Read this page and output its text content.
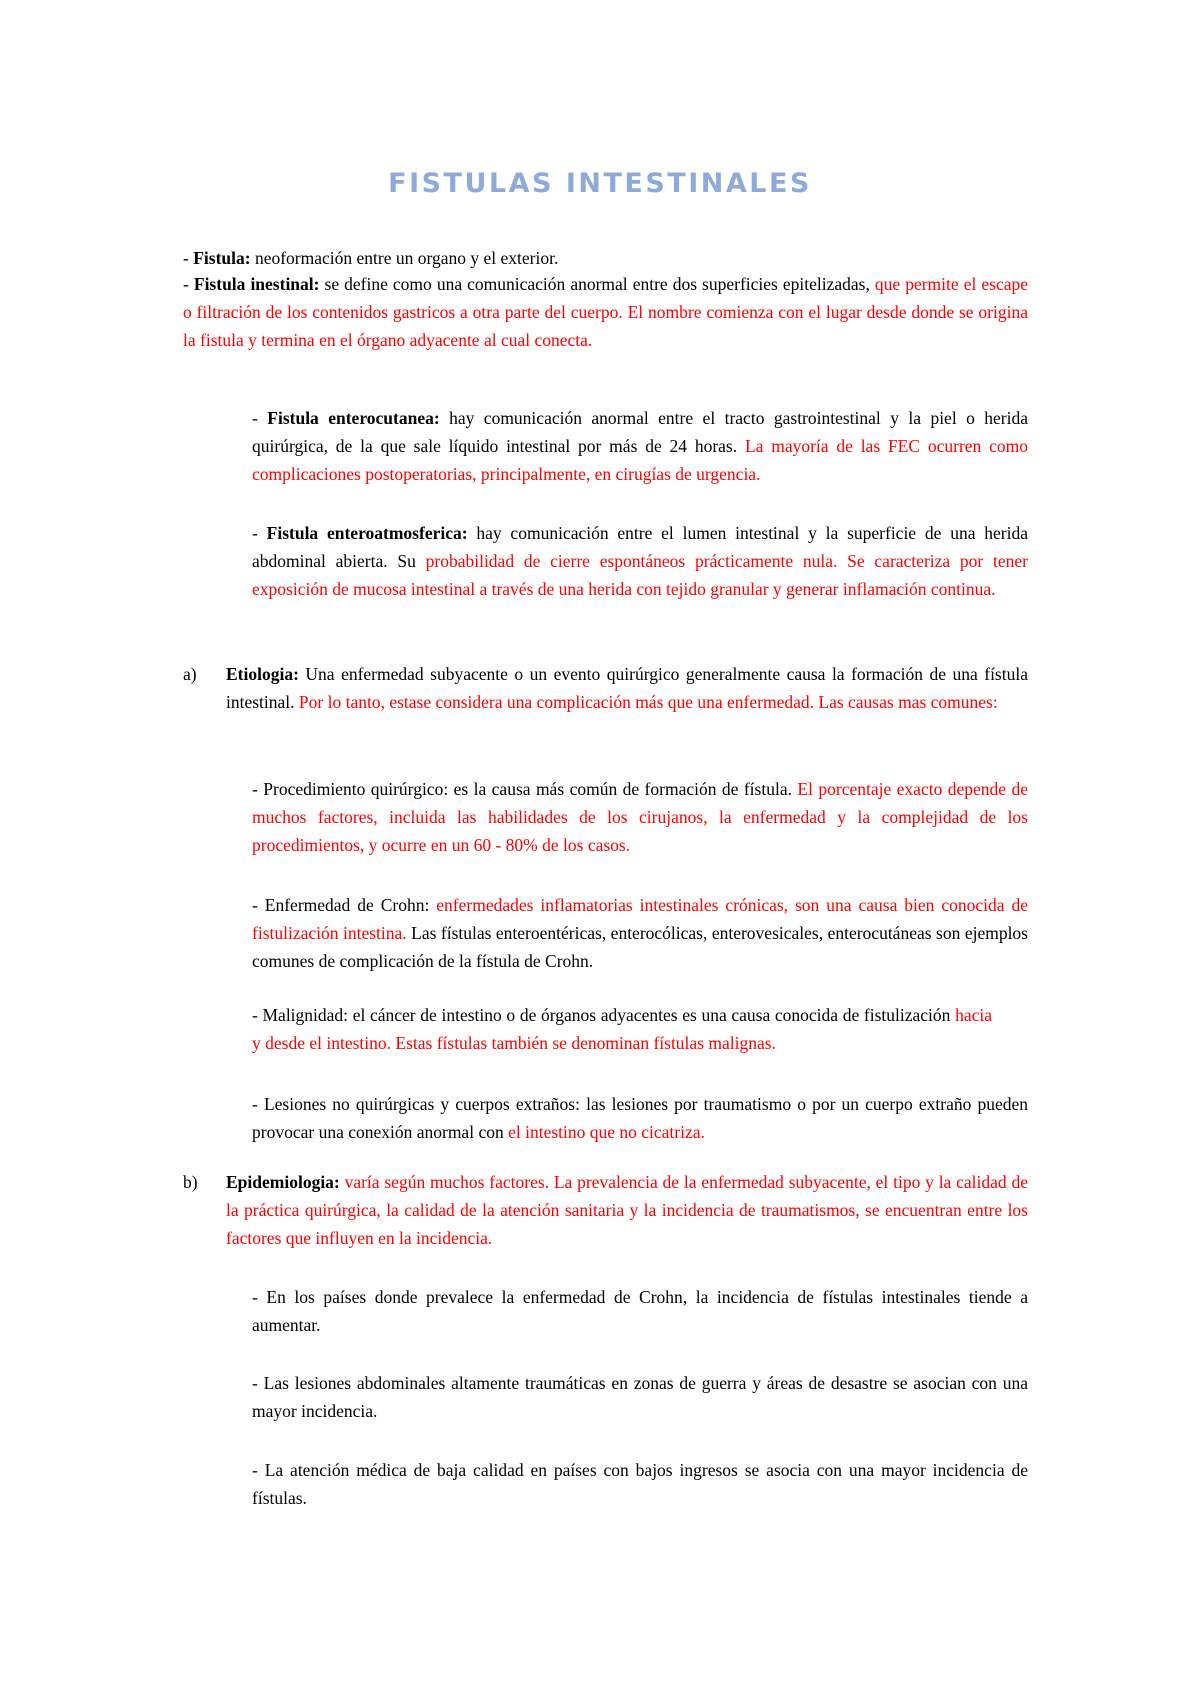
FISTULAS INTESTINALES

- Fistula: neoformación entre un organo y el exterior.

- Fistula inestinal: se define como una comunicación anormal entre dos superficies epitelizadas, que permite el escape o filtración de los contenidos gastricos a otra parte del cuerpo. El nombre comienza con el lugar desde donde se origina la fistula y termina en el órgano adyacente al cual conecta.

- Fistula enterocutanea: hay comunicación anormal entre el tracto gastrointestinal y la piel o herida quirúrgica, de la que sale líquido intestinal por más de 24 horas. La mayoría de las FEC ocurren como complicaciones postoperatorias, principalmente, en cirugías de urgencia.

- Fistula enteroatmosferica: hay comunicación entre el lumen intestinal y la superficie de una herida abdominal abierta. Su probabilidad de cierre espontáneos prácticamente nula. Se caracteriza por tener exposición de mucosa intestinal a través de una herida con tejido granular y generar inflamación continua.

a) Etiologia: Una enfermedad subyacente o un evento quirúrgico generalmente causa la formación de una fístula intestinal. Por lo tanto, estase considera una complicación más que una enfermedad. Las causas mas comunes:

- Procedimiento quirúrgico: es la causa más común de formación de fístula. El porcentaje exacto depende de muchos factores, incluida las habilidades de los cirujanos, la enfermedad y la complejidad de los procedimientos, y ocurre en un 60 - 80% de los casos.

- Enfermedad de Crohn: enfermedades inflamatorias intestinales crónicas, son una causa bien conocida de fistulización intestina. Las fístulas enteroentéricas, enterocólicas, enterovesicales, enterocutáneas son ejemplos comunes de complicación de la fístula de Crohn.

- Malignidad: el cáncer de intestino o de órganos adyacentes es una causa conocida de fistulización hacia y desde el intestino. Estas fístulas también se denominan fístulas malignas.

- Lesiones no quirúrgicas y cuerpos extraños: las lesiones por traumatismo o por un cuerpo extraño pueden provocar una conexión anormal con el intestino que no cicatriza.

b) Epidemiologia: varía según muchos factores. La prevalencia de la enfermedad subyacente, el tipo y la calidad de la práctica quirúrgica, la calidad de la atención sanitaria y la incidencia de traumatismos, se encuentran entre los factores que influyen en la incidencia.

- En los países donde prevalece la enfermedad de Crohn, la incidencia de fístulas intestinales tiende a aumentar.

- Las lesiones abdominales altamente traumáticas en zonas de guerra y áreas de desastre se asocian con una mayor incidencia.

- La atención médica de baja calidad en países con bajos ingresos se asocia con una mayor incidencia de fístulas.
